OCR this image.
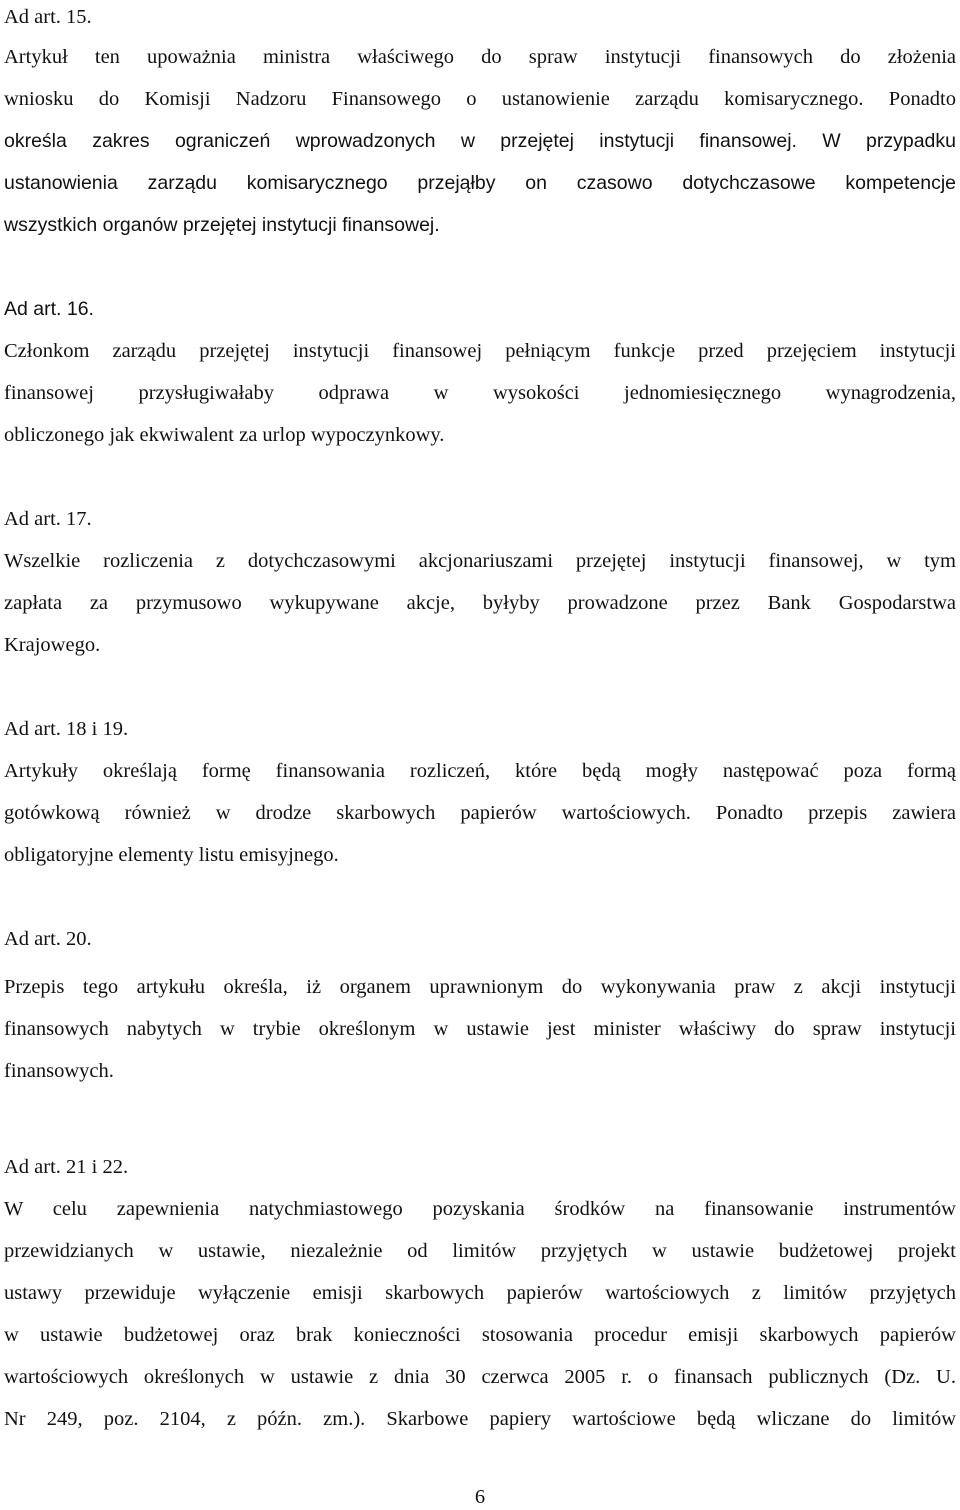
Ad art. 15.
Artykuł ten upoważnia ministra właściwego do spraw instytucji finansowych do złożenia
wniosku do Komisji Nadzoru Finansowego o ustanowienie zarządu komisarycznego. Ponadto
określa zakres ograniczeń wprowadzonych w przejętej instytucji finansowej. W przypadku
ustanowienia zarządu komisarycznego przejąłby on czasowo dotychczasowe kompetencje
wszystkich organów przejętej instytucji finansowej.
Ad art. 16.
Członkom zarządu przejętej instytucji finansowej pełniącym funkcje przed przejęciem instytucji
finansowej przysługiwałaby odprawa w wysokości jednomiesięcznego wynagrodzenia,
obliczonego jak ekwiwalent za urlop wypoczynkowy.
Ad art. 17.
Wszelkie rozliczenia z dotychczasowymi akcjonariuszami przejętej instytucji finansowej, w tym
zapłata za przymusowo wykupywane akcje, byłyby prowadzone przez Bank Gospodarstwa
Krajowego.
Ad art. 18 i 19.
Artykuły określają formę finansowania rozliczeń, które będą mogły następować poza formą
gotówkową również w drodze skarbowych papierów wartościowych. Ponadto przepis zawiera
obligatoryjne elementy listu emisyjnego.
Ad art. 20.
Przepis tego artykułu określa, iż organem uprawnionym do wykonywania praw z akcji instytucji
finansowych nabytych w trybie określonym w ustawie jest minister właściwy do spraw instytucji
finansowych.
Ad art. 21 i 22.
W celu zapewnienia natychmiastowego pozyskania środków na finansowanie instrumentów
przewidzianych w ustawie, niezależnie od limitów przyjętych w ustawie budżetowej projekt
ustawy przewiduje wyłączenie emisji skarbowych papierów wartościowych z limitów przyjętych
w ustawie budżetowej oraz brak konieczności stosowania procedur emisji skarbowych papierów
wartościowych określonych w ustawie z dnia 30 czerwca 2005 r. o finansach publicznych (Dz. U.
Nr 249, poz. 2104, z późn. zm.). Skarbowe papiery wartościowe będą wliczane do limitów
6
